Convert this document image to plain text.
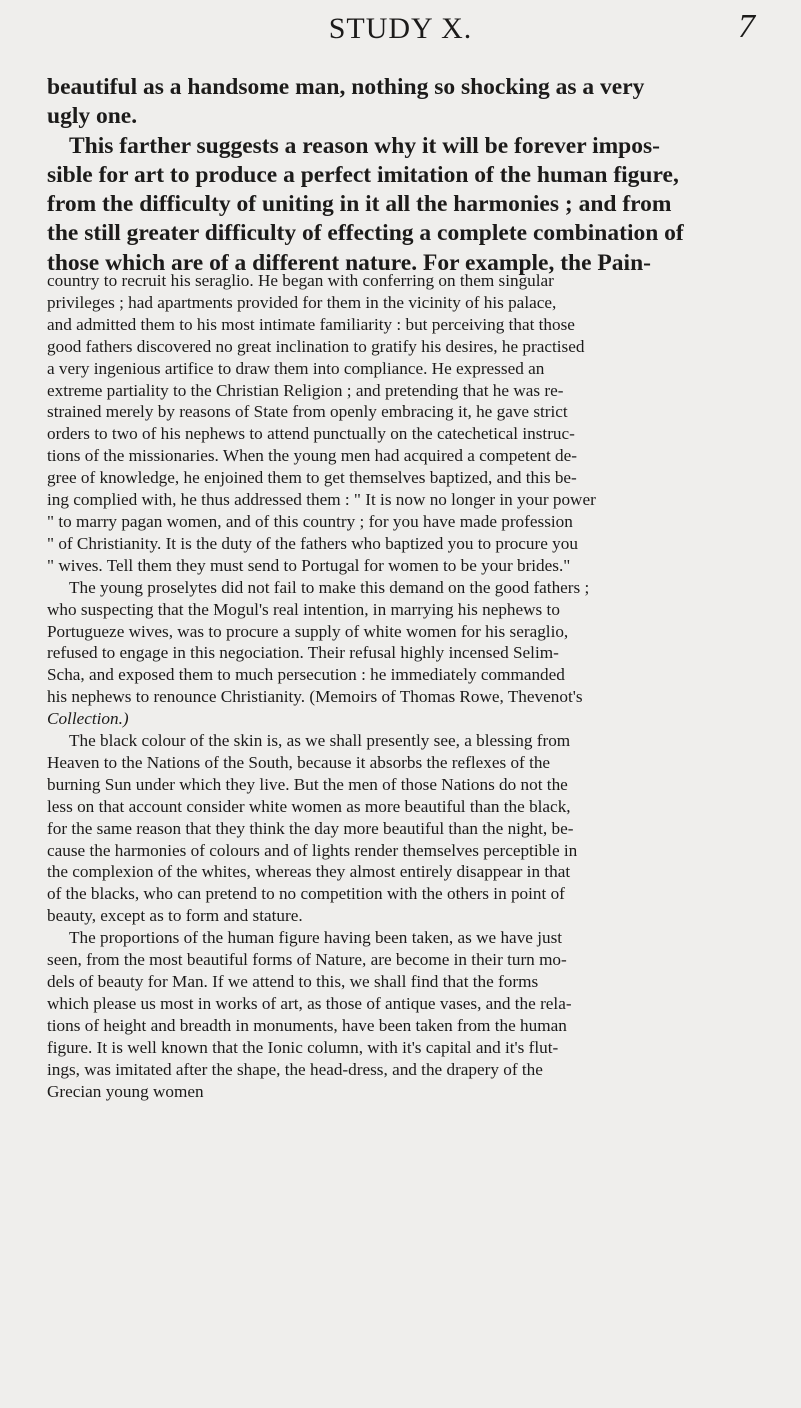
STUDY X.	7
beautiful as a handsome man, nothing so shocking as a very
ugly one.
This farther suggests a reason why it will be forever impos-
sible for art to produce a perfect imitation of the human figure,
from the difficulty of uniting in it all the harmonies ; and from
the still greater difficulty of effecting a complete combination of
those which are of a different nature. For example, the Pain-
country to recruit his seraglio. He began with conferring on them singular
privileges ; had apartments provided for them in the vicinity of his palace,
and admitted them to his most intimate familiarity : but perceiving that those
good fathers discovered no great inclination to gratify his desires, he practised
a very ingenious artifice to draw them into compliance. He expressed an
extreme partiality to the Christian Religion ; and pretending that he was re-
strained merely by reasons of State from openly embracing it, he gave strict
orders to two of his nephews to attend punctually on the catechetical instruc-
tions of the missionaries. When the young men had acquired a competent de-
gree of knowledge, he enjoined them to get themselves baptized, and this be-
ing complied with, he thus addressed them : " It is now no longer in your power
" to marry pagan women, and of this country ; for you have made profession
" of Christianity. It is the duty of the fathers who baptized you to procure you
" wives. Tell them they must send to Portugal for women to be your brides."
The young proselytes did not fail to make this demand on the good fathers ;
who suspecting that the Mogul's real intention, in marrying his nephews to
Portugueze wives, was to procure a supply of white women for his seraglio,
refused to engage in this negociation. Their refusal highly incensed Selim-
Scha, and exposed them to much persecution : he immediately commanded
his nephews to renounce Christianity. (Memoirs of Thomas Rowe, Thevenot's
Collection.)
The black colour of the skin is, as we shall presently see, a blessing from
Heaven to the Nations of the South, because it absorbs the reflexes of the
burning Sun under which they live. But the men of those Nations do not the
less on that account consider white women as more beautiful than the black,
for the same reason that they think the day more beautiful than the night, be-
cause the harmonies of colours and of lights render themselves perceptible in
the complexion of the whites, whereas they almost entirely disappear in that
of the blacks, who can pretend to no competition with the others in point of
beauty, except as to form and stature.
The proportions of the human figure having been taken, as we have just
seen, from the most beautiful forms of Nature, are become in their turn mo-
dels of beauty for Man. If we attend to this, we shall find that the forms
which please us most in works of art, as those of antique vases, and the rela-
tions of height and breadth in monuments, have been taken from the human
figure. It is well known that the Ionic column, with it's capital and it's flut-
ings, was imitated after the shape, the head-dress, and the drapery of the
Grecian young women
